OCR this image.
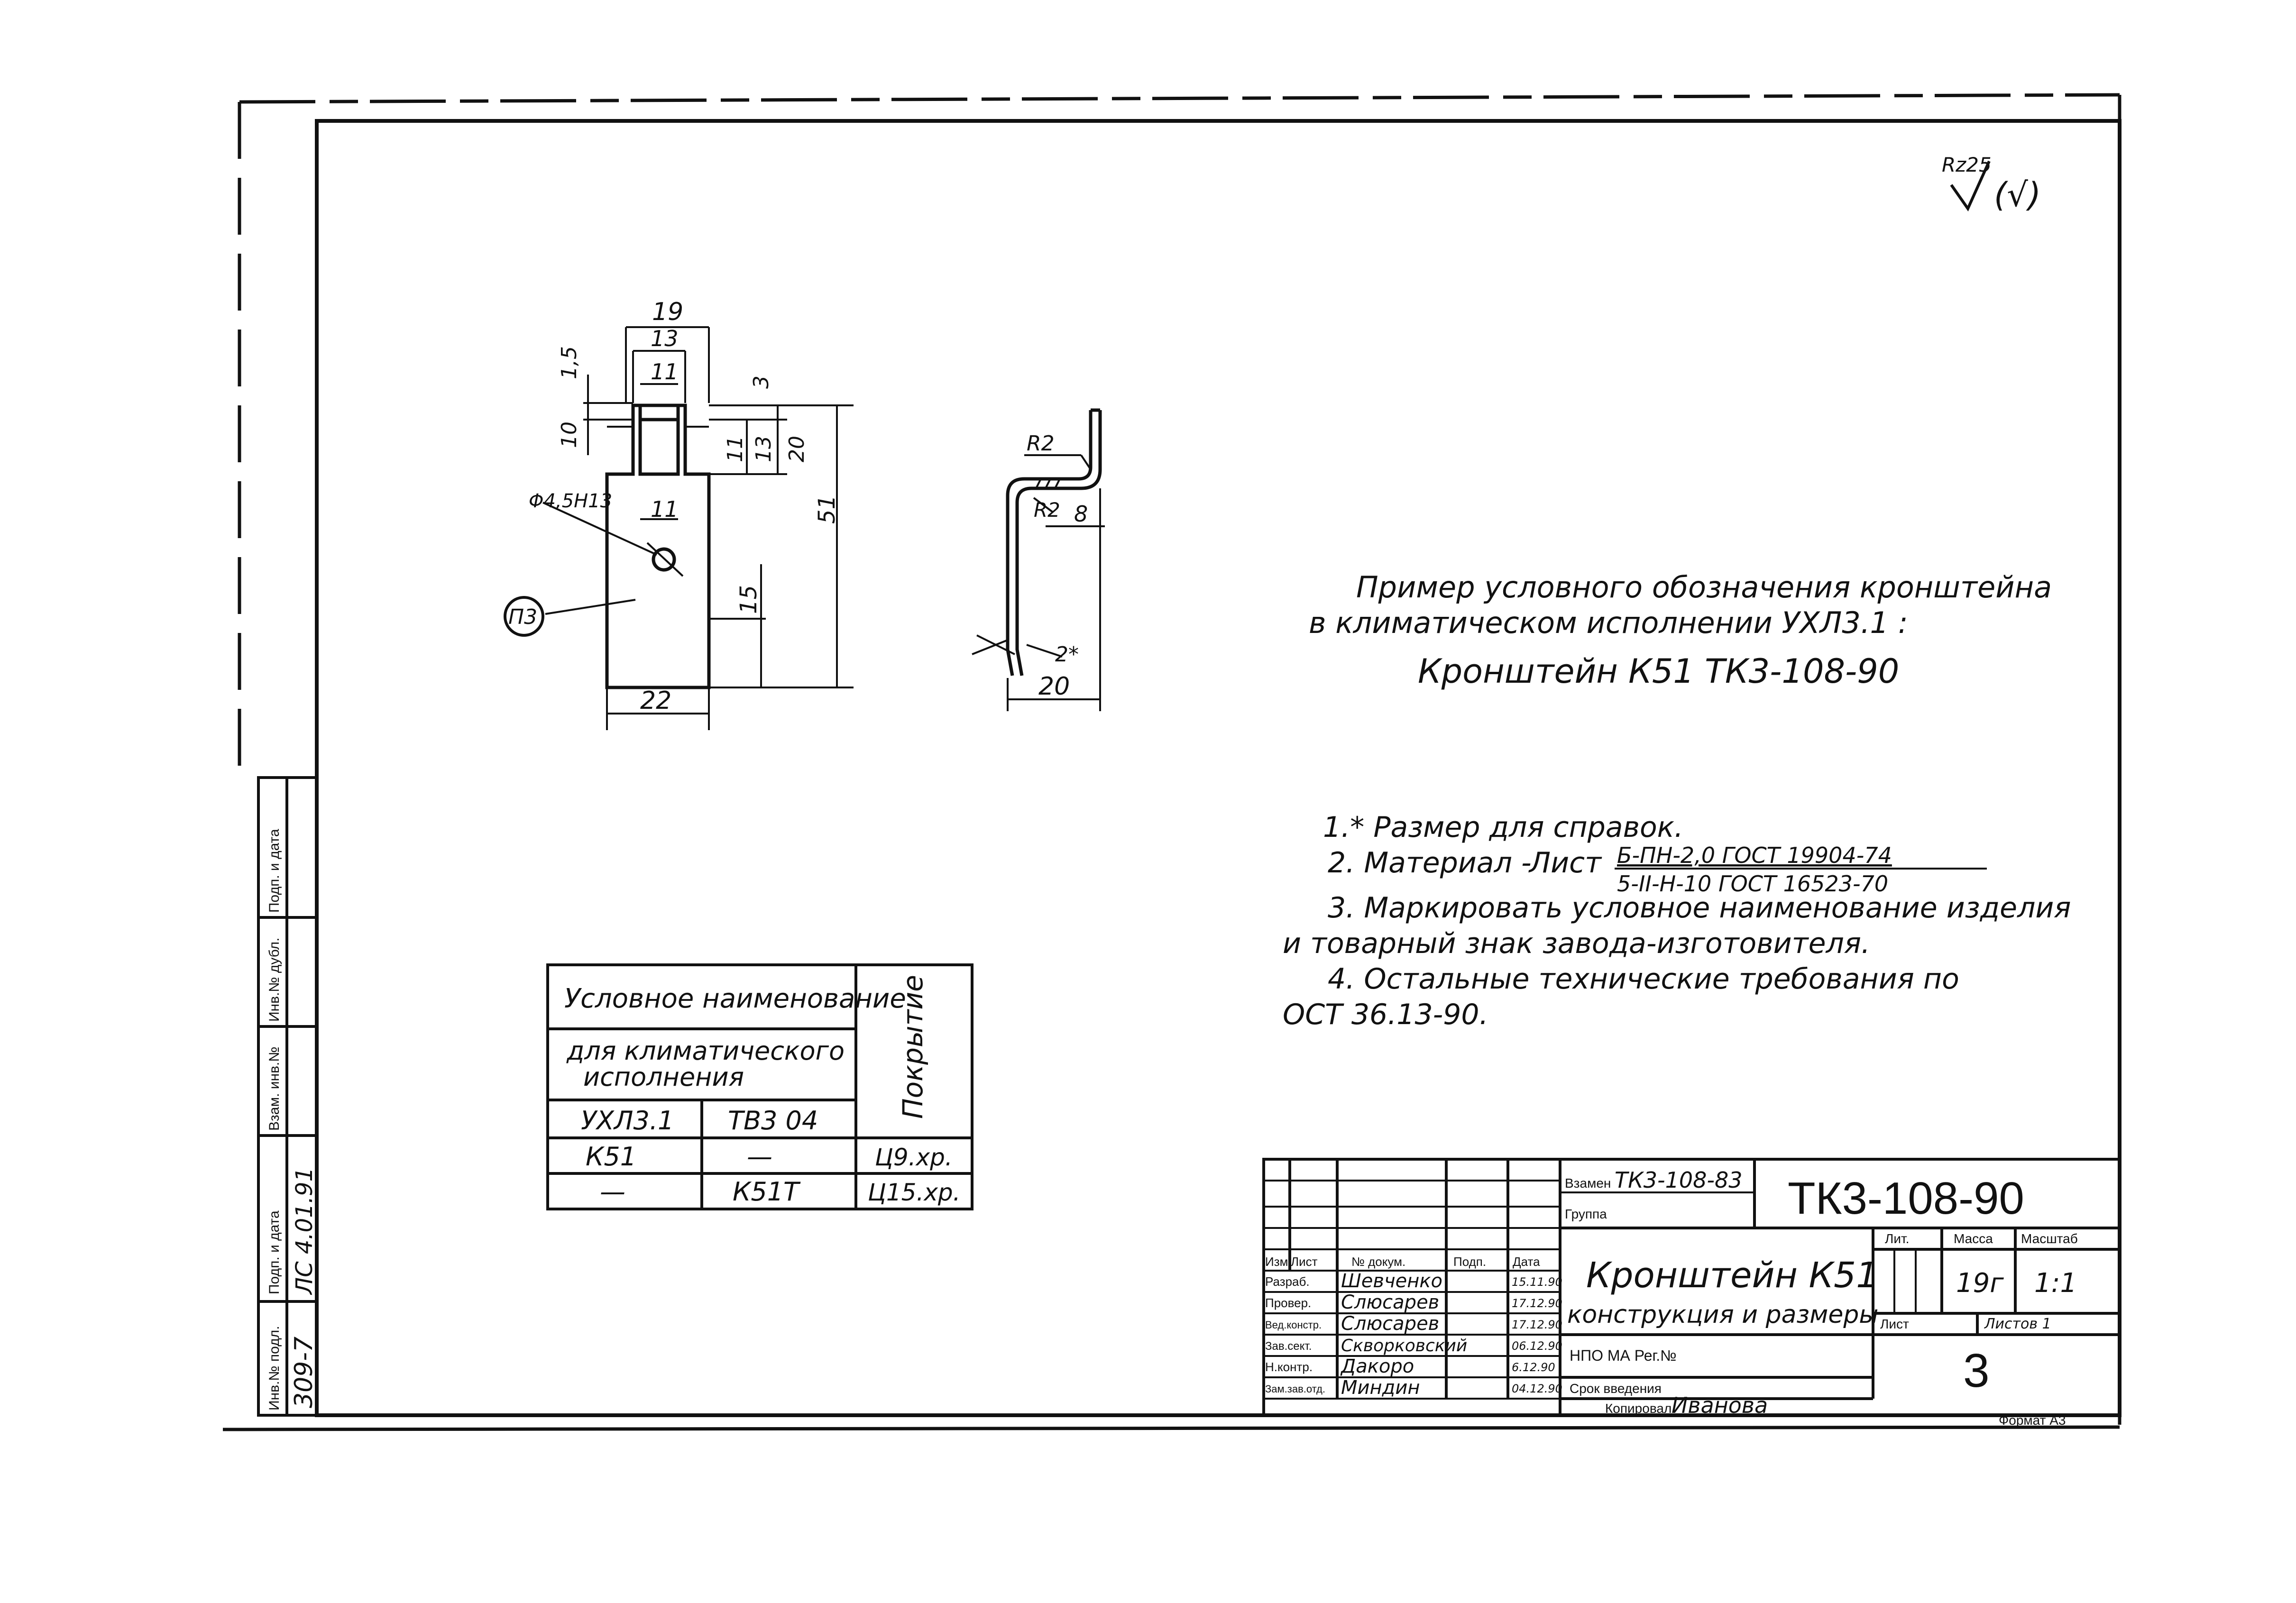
Rz25
(√)
19
13
11
1,5
3
10
11 13 20
51
Φ4,5Н13 11
15
22
П3
R2
R2 8
2*
20
Пример условного обозначения кронштейна
в климатическом исполнении УХЛ3.1 :
Кронштейн К51 ТК3-108-90
1.* Размер для справок.
2. Материал -
Лист Б-ПН-2,0 ГОСТ 19904-74
5-II-Н-10 ГОСТ 16523-70
3. Маркировать условное наименование изделия
и товарный знак завода-изготовителя.
4. Остальные технические требования по
ОСТ 36.13-90.
Условное наименование
для климатического
исполнения	Покрытие
УХЛ3.1 ТВ3 04
К51	—	Ц9.хр.
—	К51Т	Ц15.хр.
Инв.№ подл.
Подп. и дата
Взам. инв.№
Инв.№ дубл.
Подп. и дата
309-7
ЛС 4.01.91	Взамен ТК3-108-83
Группа	ТК3-108-90
Кронштейн К51
конструкция и размеры
Лит.	Масса Масштаб
19г 1:1
Лист	Листов 1
3
НПО МА Рег.№
Срок введения
Копировал Иванова
Формат А3
Изм Лист	№ докум.	Подп. Дата
Разраб. Шевченко	15.11.90
Провер. Слюсарев	17.12.90
Вед.констр. Слюсарев	17.12.90
Зав.сект. Скворковский	06.12.90
Н.контр. Дакоро	6.12.90
Зам.зав.отд. Миндин	04.12.90
